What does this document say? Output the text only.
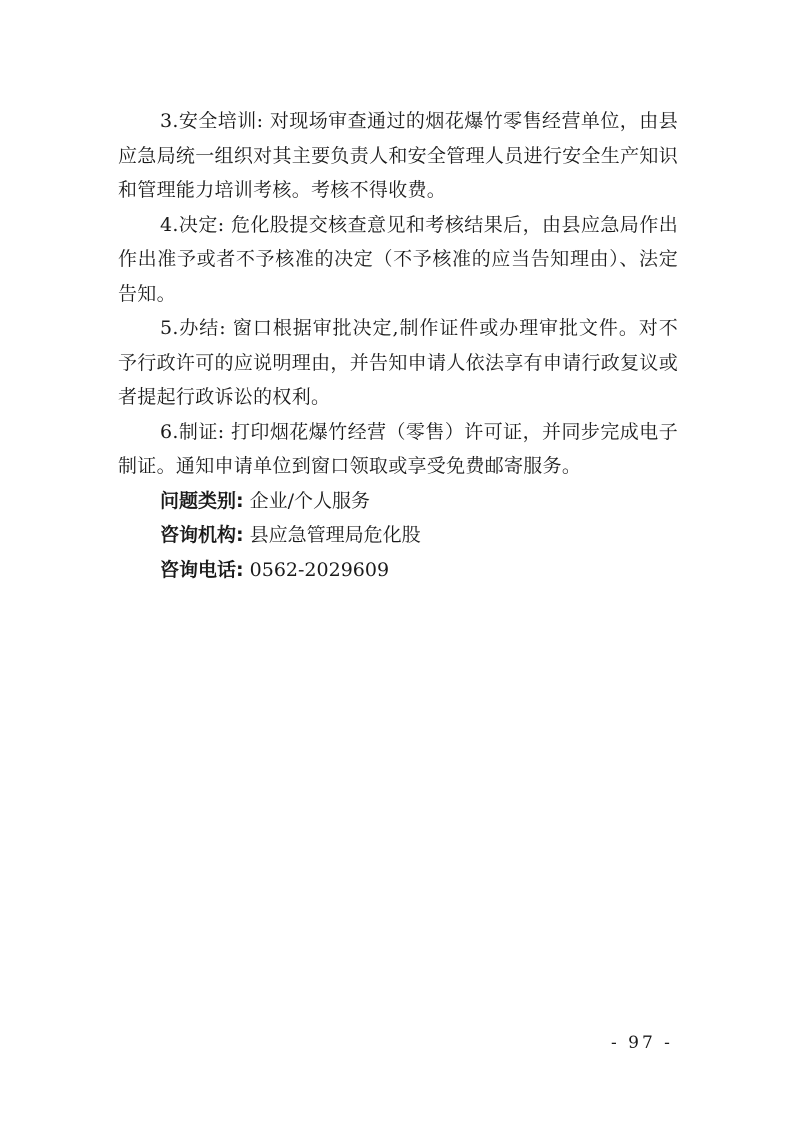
3.安全培训: 对现场审查通过的烟花爆竹零售经营单位，由县应急局统一组织对其主要负责人和安全管理人员进行安全生产知识和管理能力培训考核。考核不得收费。

4.决定: 危化股提交核查意见和考核结果后，由县应急局作出作出准予或者不予核准的决定（不予核准的应当告知理由）、法定告知。

5.办结: 窗口根据审批决定,制作证件或办理审批文件。对不予行政许可的应说明理由，并告知申请人依法享有申请行政复议或者提起行政诉讼的权利。

6.制证: 打印烟花爆竹经营（零售）许可证，并同步完成电子制证。通知申请单位到窗口领取或享受免费邮寄服务。

问题类别: 企业/个人服务

咨询机构: 县应急管理局危化股

咨询电话: 0562-2029609

- 97 -
